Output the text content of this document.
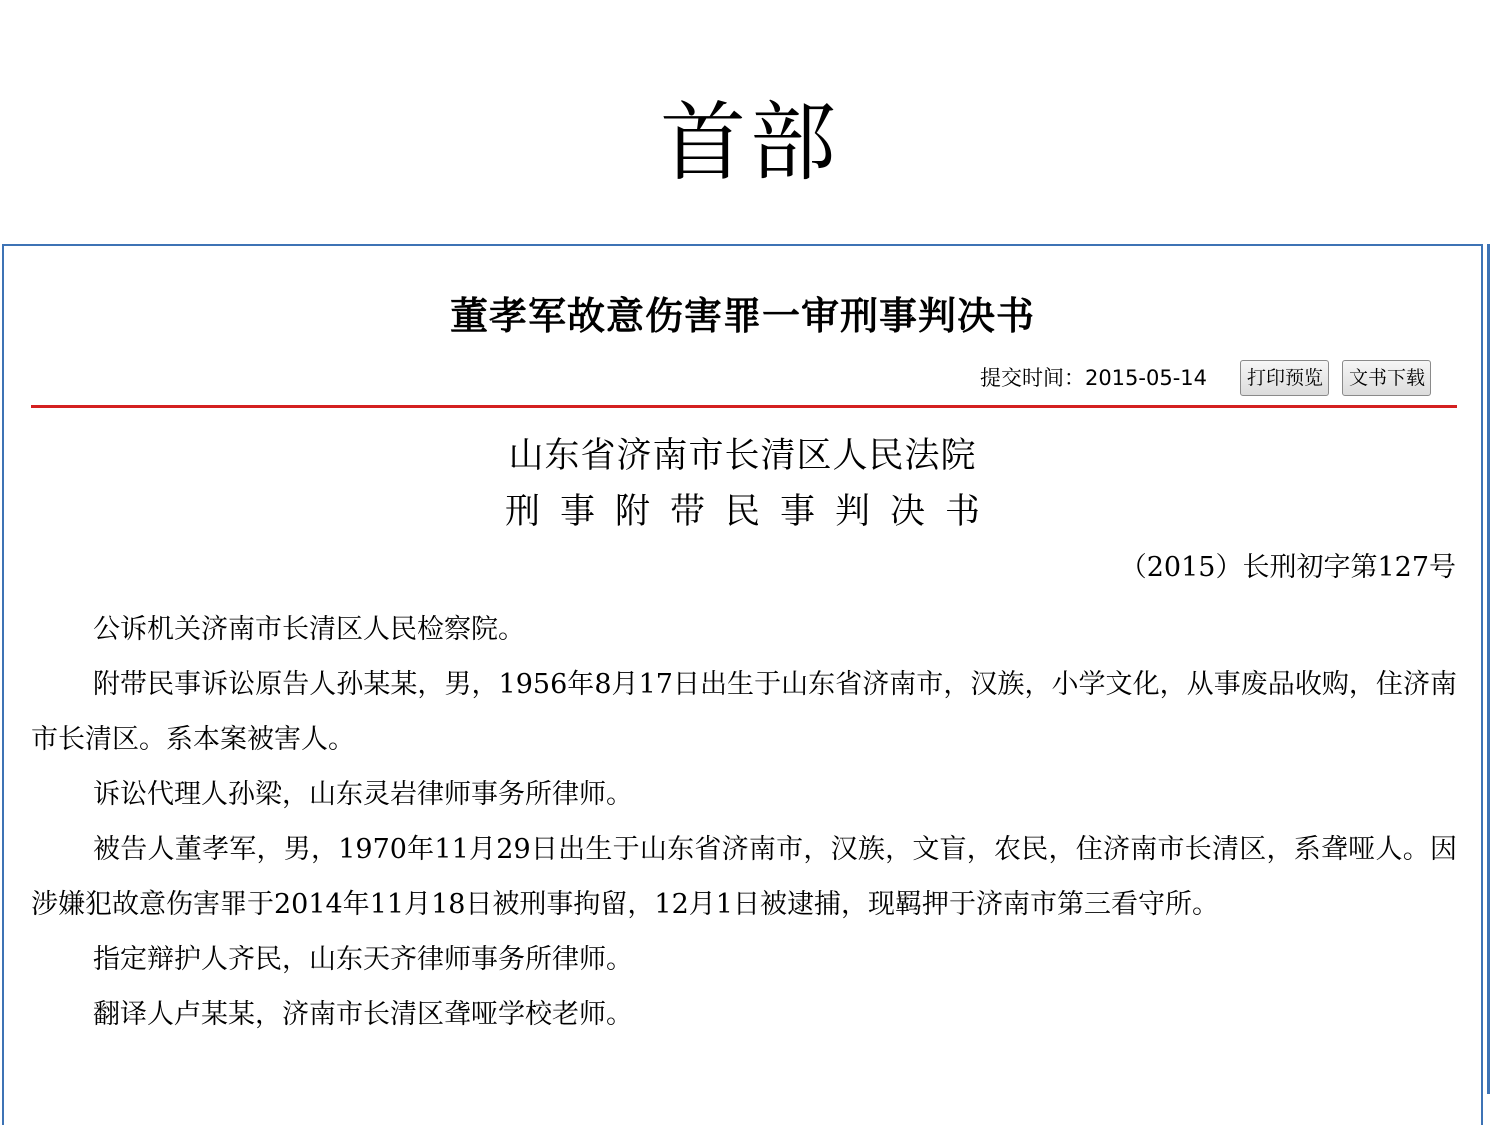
首部
董孝军故意伤害罪一审刑事判决书
提交时间：2015-05-14	打印预览	文书下载
山东省济南市长清区人民法院
刑事附带民事判决书
（2015）长刑初字第127号

公诉机关济南市长清区人民检察院。

附带民事诉讼原告人孙某某，男，1956年8月17日出生于山东省济南市，汉族，小学文化，从事废品收购，住济南市长清区。系本案被害人。

诉讼代理人孙梁，山东灵岩律师事务所律师。

被告人董孝军，男，1970年11月29日出生于山东省济南市，汉族，文盲，农民，住济南市长清区，系聋哑人。因涉嫌犯故意伤害罪于2014年11月18日被刑事拘留，12月1日被逮捕，现羁押于济南市第三看守所。

指定辩护人齐民，山东天齐律师事务所律师。

翻译人卢某某，济南市长清区聋哑学校老师。
